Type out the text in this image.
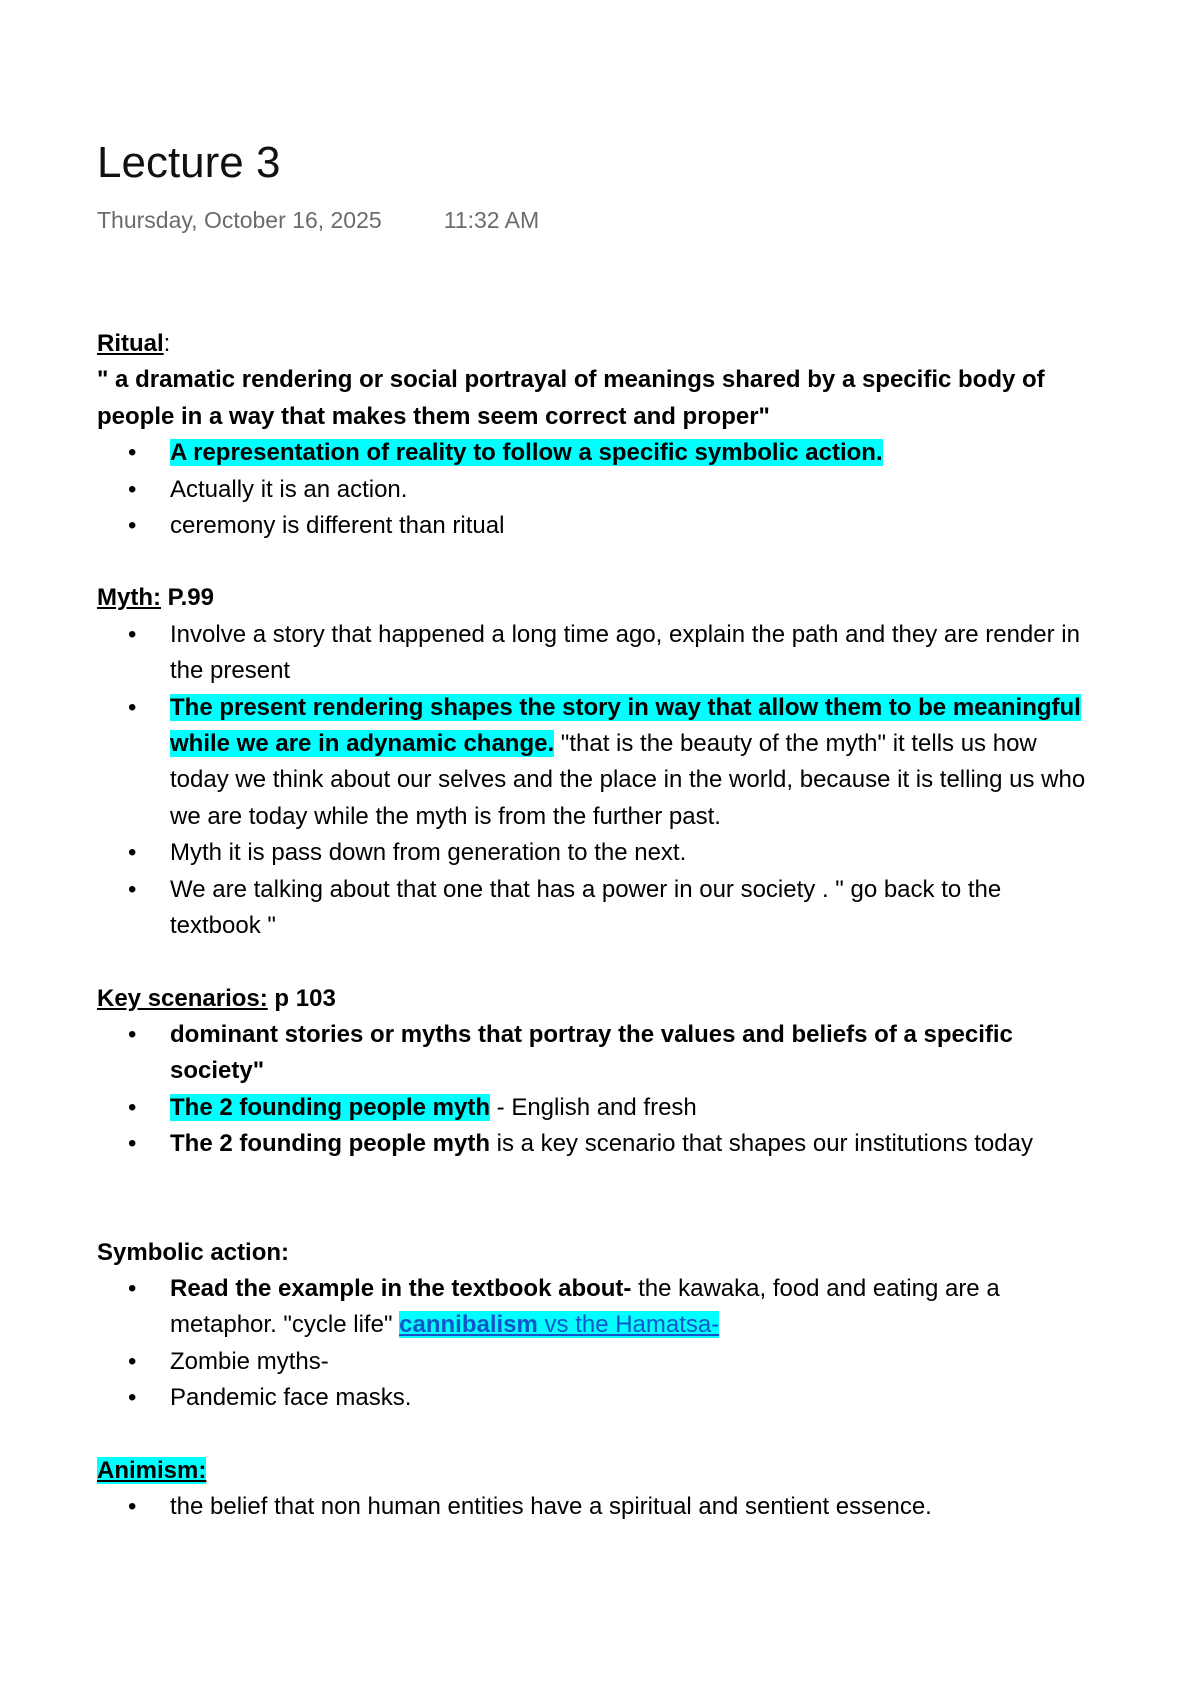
Lecture 3
Thursday, October 16, 2025	11:32 AM

Ritual:

" a dramatic rendering or social portrayal of meanings shared by a specific body of people in a way that makes them seem correct and proper"

• A representation of reality to follow a specific symbolic action.
• Actually it is an action.
• ceremony is different than ritual

Myth: P.99

• Involve a story that happened a long time ago, explain the path and they are render in the present
• The present rendering shapes the story in way that allow them to be meaningful while we are in adynamic change. "that is the beauty of the myth" it tells us how today we think about our selves and the place in the world, because it is telling us who we are today while the myth is from the further past.
• Myth it is pass down from generation to the next.
• We are talking about that one that has a power in our society . " go back to the textbook "

Key scenarios: p 103

• dominant stories or myths that portray the values and beliefs of a specific society"
• The 2 founding people myth - English and fresh
• The 2 founding people myth is a key scenario that shapes our institutions today

Symbolic action:

• Read the example in the textbook about- the kawaka, food and eating are a metaphor. "cycle life" cannibalism vs the Hamatsa-
• Zombie myths-
• Pandemic face masks.

Animism:

• the belief that non human entities have a spiritual and sentient essence.
